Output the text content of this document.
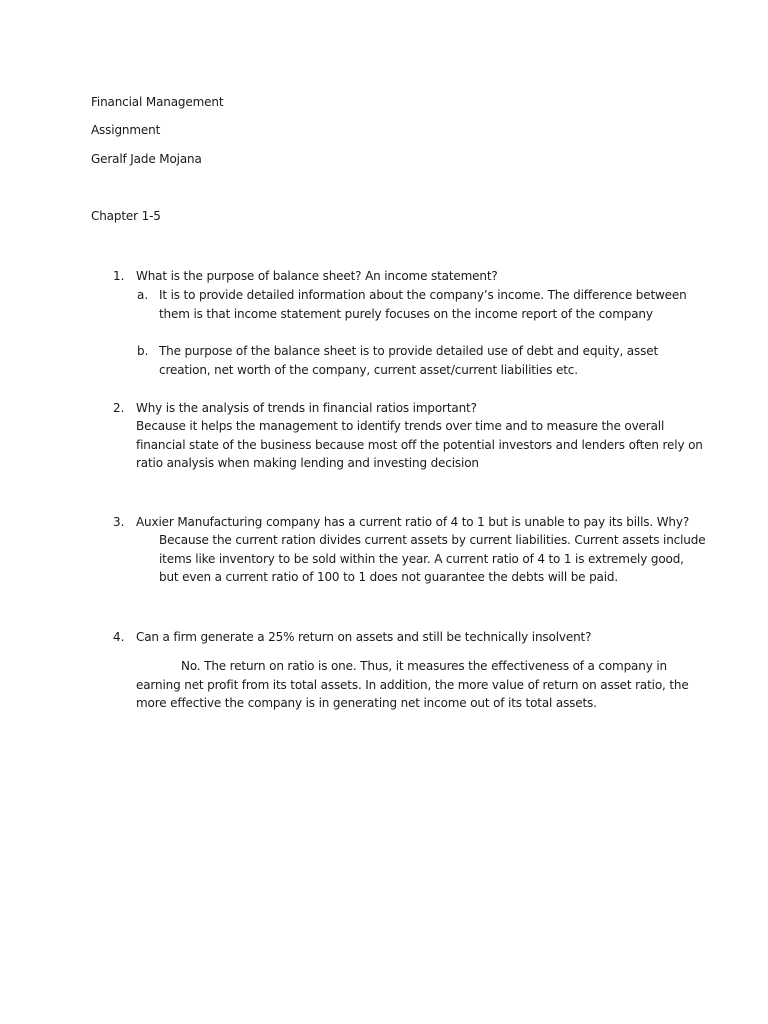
Financial Management
Assignment
Geralf Jade Mojana
Chapter 1-5
1. What is the purpose of balance sheet? An income statement?
a. It is to provide detailed information about the company’s income. The difference between
them is that income statement purely focuses on the income report of the company
b. The purpose of the balance sheet is to provide detailed use of debt and equity, asset
creation, net worth of the company, current asset/current liabilities etc.
2. Why is the analysis of trends in financial ratios important?
Because it helps the management to identify trends over time and to measure the overall
financial state of the business because most off the potential investors and lenders often rely on
ratio analysis when making lending and investing decision
3. Auxier Manufacturing company has a current ratio of 4 to 1 but is unable to pay its bills. Why?
Because the current ration divides current assets by current liabilities. Current assets include
items like inventory to be sold within the year. A current ratio of 4 to 1 is extremely good,
but even a current ratio of 100 to 1 does not guarantee the debts will be paid.
4. Can a firm generate a 25% return on assets and still be technically insolvent?
No. The return on ratio is one. Thus, it measures the effectiveness of a company in
earning net profit from its total assets. In addition, the more value of return on asset ratio, the
more effective the company is in generating net income out of its total assets.
